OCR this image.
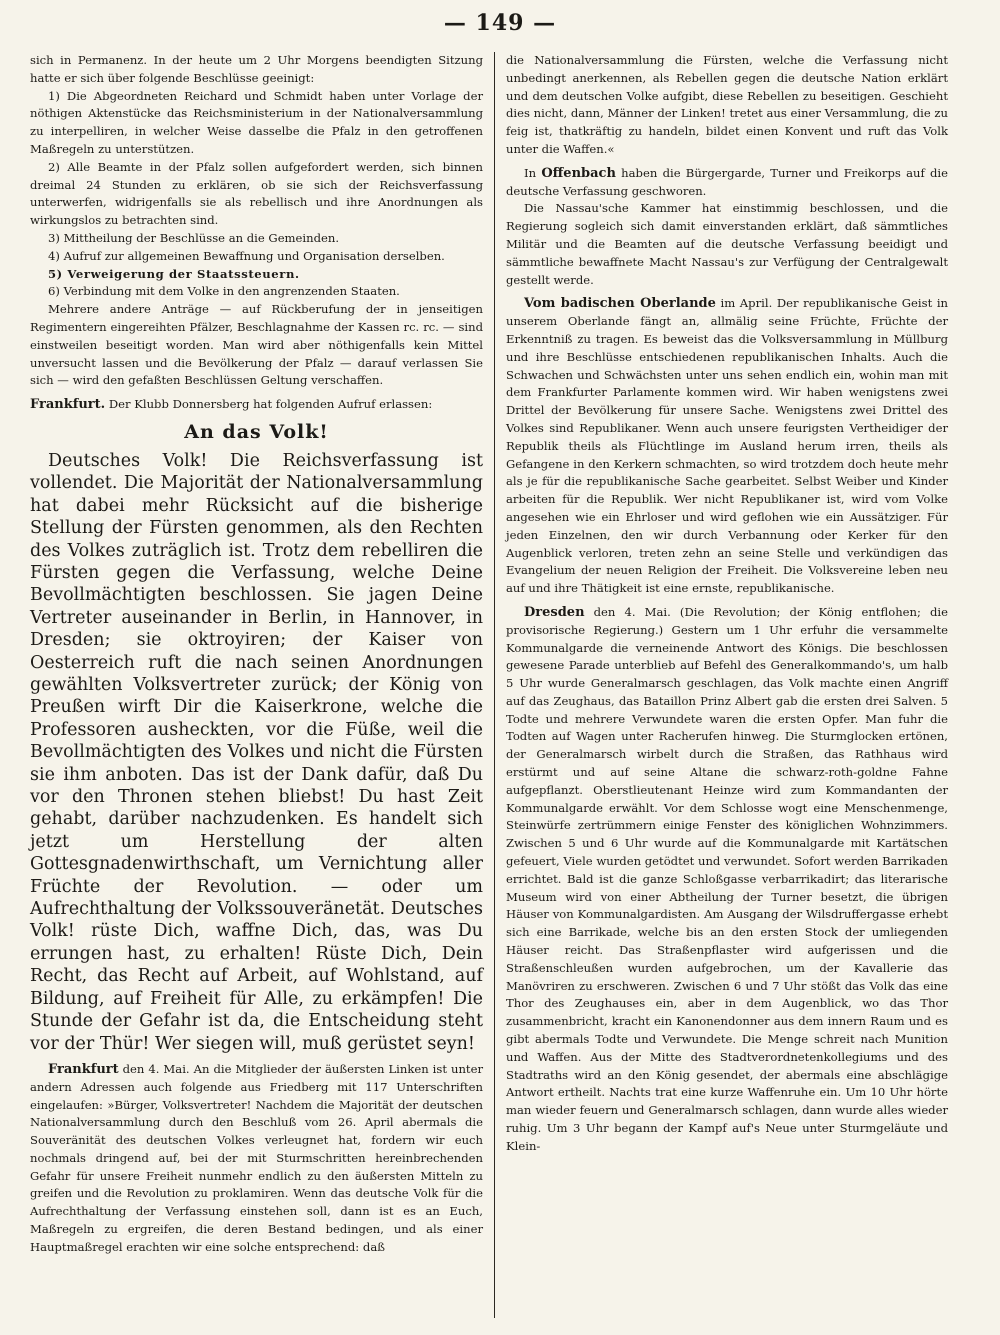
— 149 —

sich in Permanenz. In der heute um 2 Uhr Morgens beendigten Sitzung hatte er sich über folgende Beschlüsse geeinigt:

1) Die Abgeordneten Reichard und Schmidt haben unter Vorlage der nöthigen Aktenstücke das Reichsministerium in der Nationalversammlung zu interpelliren, in welcher Weise dasselbe die Pfalz in den getroffenen Maßregeln zu unterstützen.

2) Alle Beamte in der Pfalz sollen aufgefordert werden, sich binnen dreimal 24 Stunden zu erklären, ob sie sich der Reichsverfassung unterwerfen, widrigenfalls sie als rebellisch und ihre Anordnungen als wirkungslos zu betrachten sind.

3) Mittheilung der Beschlüsse an die Gemeinden.

4) Aufruf zur allgemeinen Bewaffnung und Organisation derselben.

5) Verweigerung der Staatssteuern.

6) Verbindung mit dem Volke in den angrenzenden Staaten.

Mehrere andere Anträge — auf Rückberufung der in jenseitigen Regimentern eingereihten Pfälzer, Beschlagnahme der Kassen rc. rc. — sind einstweilen beseitigt worden. Man wird aber nöthigenfalls kein Mittel unversucht lassen und die Bevölkerung der Pfalz — darauf verlassen Sie sich — wird den gefaßten Beschlüssen Geltung verschaffen.

Frankfurt. Der Klubb Donnersberg hat folgenden Aufruf erlassen:

An das Volk!

Deutsches Volk! Die Reichsverfassung ist vollendet. Die Majorität der Nationalversammlung hat dabei mehr Rücksicht auf die bisherige Stellung der Fürsten genommen, als den Rechten des Volkes zuträglich ist. Trotz dem rebelliren die Fürsten gegen die Verfassung, welche Deine Bevollmächtigten beschlossen. Sie jagen Deine Vertreter auseinander in Berlin, in Hannover, in Dresden; sie oktroyiren; der Kaiser von Oesterreich ruft die nach seinen Anordnungen gewählten Volksvertreter zurück; der König von Preußen wirft Dir die Kaiserkrone, welche die Professoren ausheckten, vor die Füße, weil die Bevollmächtigten des Volkes und nicht die Fürsten sie ihm anboten. Das ist der Dank dafür, daß Du vor den Thronen stehen bliebst! Du hast Zeit gehabt, darüber nachzudenken. Es handelt sich jetzt um Herstellung der alten Gottesgnadenwirthschaft, um Vernichtung aller Früchte der Revolution. — oder um Aufrechthaltung der Volkssouveränetät. Deutsches Volk! rüste Dich, waffne Dich, das, was Du errungen hast, zu erhalten! Rüste Dich, Dein Recht, das Recht auf Arbeit, auf Wohlstand, auf Bildung, auf Freiheit für Alle, zu erkämpfen! Die Stunde der Gefahr ist da, die Entscheidung steht vor der Thür! Wer siegen will, muß gerüstet seyn!

Frankfurt den 4. Mai. An die Mitglieder der äußersten Linken ist unter andern Adressen auch folgende aus Friedberg mit 117 Unterschriften eingelaufen: »Bürger, Volksvertreter! Nachdem die Majorität der deutschen Nationalversammlung durch den Beschluß vom 26. April abermals die Souveränität des deutschen Volkes verleugnet hat, fordern wir euch nochmals dringend auf, bei der mit Sturmschritten hereinbrechenden Gefahr für unsere Freiheit nunmehr endlich zu den äußersten Mitteln zu greifen und die Revolution zu proklamiren. Wenn das deutsche Volk für die Aufrechthaltung der Verfassung einstehen soll, dann ist es an Euch, Maßregeln zu ergreifen, die deren Bestand bedingen, und als einer Hauptmaßregel erachten wir eine solche entsprechend: daß

die Nationalversammlung die Fürsten, welche die Verfassung nicht unbedingt anerkennen, als Rebellen gegen die deutsche Nation erklärt und dem deutschen Volke aufgibt, diese Rebellen zu beseitigen. Geschieht dies nicht, dann, Männer der Linken! tretet aus einer Versammlung, die zu feig ist, thatkräftig zu handeln, bildet einen Konvent und ruft das Volk unter die Waffen.«

In Offenbach haben die Bürgergarde, Turner und Freikorps auf die deutsche Verfassung geschworen.

Die Nassau'sche Kammer hat einstimmig beschlossen, und die Regierung sogleich sich damit einverstanden erklärt, daß sämmtliches Militär und die Beamten auf die deutsche Verfassung beeidigt und sämmtliche bewaffnete Macht Nassau's zur Verfügung der Centralgewalt gestellt werde.

Vom badischen Oberlande im April. Der republikanische Geist in unserem Oberlande fängt an, allmälig seine Früchte, Früchte der Erkenntniß zu tragen. Es beweist das die Volksversammlung in Müllburg und ihre Beschlüsse entschiedenen republikanischen Inhalts. Auch die Schwachen und Schwächsten unter uns sehen endlich ein, wohin man mit dem Frankfurter Parlamente kommen wird. Wir haben wenigstens zwei Drittel der Bevölkerung für unsere Sache. Wenigstens zwei Drittel des Volkes sind Republikaner. Wenn auch unsere feurigsten Vertheidiger der Republik theils als Flüchtlinge im Ausland herum irren, theils als Gefangene in den Kerkern schmachten, so wird trotzdem doch heute mehr als je für die republikanische Sache gearbeitet. Selbst Weiber und Kinder arbeiten für die Republik. Wer nicht Republikaner ist, wird vom Volke angesehen wie ein Ehrloser und wird geflohen wie ein Aussätziger. Für jeden Einzelnen, den wir durch Verbannung oder Kerker für den Augenblick verloren, treten zehn an seine Stelle und verkündigen das Evangelium der neuen Religion der Freiheit. Die Volksvereine leben neu auf und ihre Thätigkeit ist eine ernste, republikanische.

Dresden den 4. Mai. (Die Revolution; der König entflohen; die provisorische Regierung.) Gestern um 1 Uhr erfuhr die versammelte Kommunalgarde die verneinende Antwort des Königs. Die beschlossen gewesene Parade unterblieb auf Befehl des Generalkommando's, um halb 5 Uhr wurde Generalmarsch geschlagen, das Volk machte einen Angriff auf das Zeughaus, das Bataillon Prinz Albert gab die ersten drei Salven. 5 Todte und mehrere Verwundete waren die ersten Opfer. Man fuhr die Todten auf Wagen unter Racherufen hinweg. Die Sturmglocken ertönen, der Generalmarsch wirbelt durch die Straßen, das Rathhaus wird erstürmt und auf seine Altane die schwarz-roth-goldne Fahne aufgepflanzt. Oberstlieutenant Heinze wird zum Kommandanten der Kommunalgarde erwählt. Vor dem Schlosse wogt eine Menschenmenge, Steinwürfe zertrümmern einige Fenster des königlichen Wohnzimmers. Zwischen 5 und 6 Uhr wurde auf die Kommunalgarde mit Kartätschen gefeuert, Viele wurden getödtet und verwundet. Sofort werden Barrikaden errichtet. Bald ist die ganze Schloßgasse verbarrikadirt; das literarische Museum wird von einer Abtheilung der Turner besetzt, die übrigen Häuser von Kommunalgardisten. Am Ausgang der Wilsdruffergasse erhebt sich eine Barrikade, welche bis an den ersten Stock der umliegenden Häuser reicht. Das Straßenpflaster wird aufgerissen und die Straßenschleußen wurden aufgebrochen, um der Kavallerie das Manövriren zu erschweren. Zwischen 6 und 7 Uhr stößt das Volk das eine Thor des Zeughauses ein, aber in dem Augenblick, wo das Thor zusammenbricht, kracht ein Kanonendonner aus dem innern Raum und es gibt abermals Todte und Verwundete. Die Menge schreit nach Munition und Waffen. Aus der Mitte des Stadtverordnetenkollegiums und des Stadtraths wird an den König gesendet, der abermals eine abschlägige Antwort ertheilt. Nachts trat eine kurze Waffenruhe ein. Um 10 Uhr hörte man wieder feuern und Generalmarsch schlagen, dann wurde alles wieder ruhig. Um 3 Uhr begann der Kampf auf's Neue unter Sturmgeläute und Klein-
